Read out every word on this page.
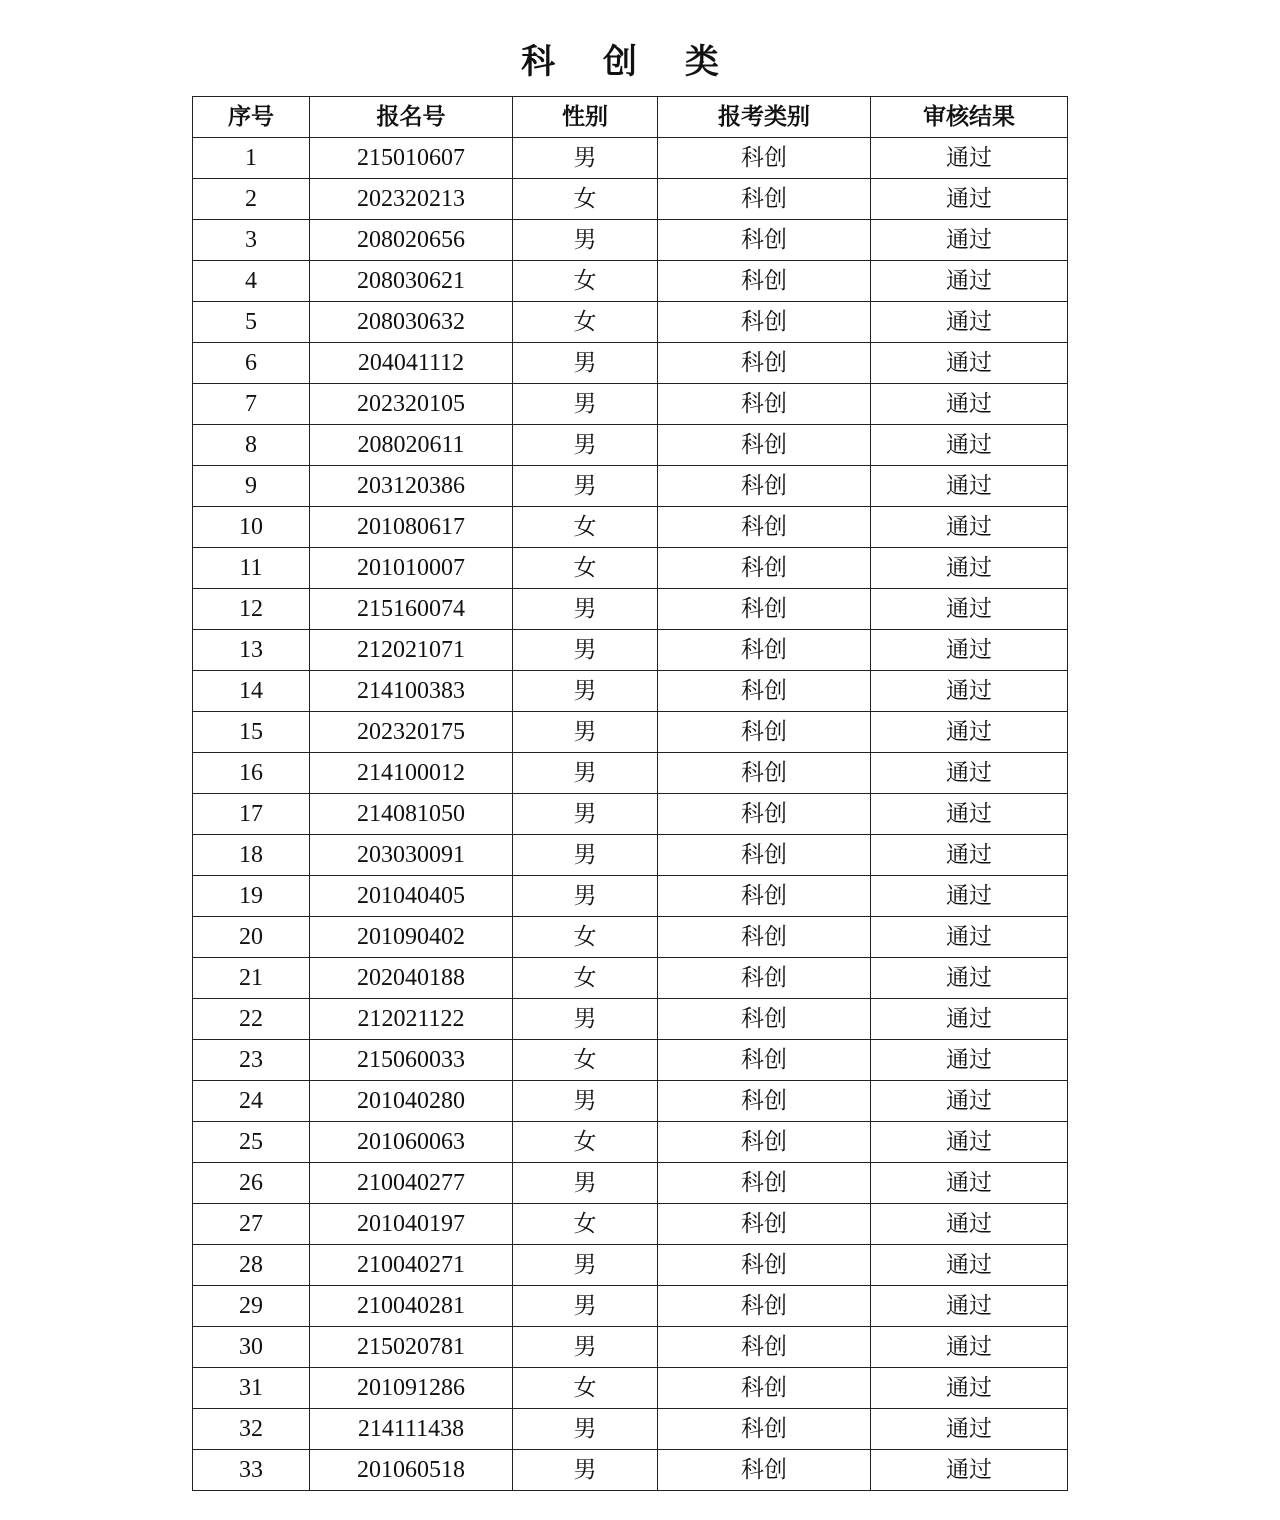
科 创 类
序号	报名号	性别	报考类别	审核结果
1	215010607	男	科创	通过
2	202320213	女	科创	通过
3	208020656	男	科创	通过
4	208030621	女	科创	通过
5	208030632	女	科创	通过
6	204041112	男	科创	通过
7	202320105	男	科创	通过
8	208020611	男	科创	通过
9	203120386	男	科创	通过
10	201080617	女	科创	通过
11	201010007	女	科创	通过
12	215160074	男	科创	通过
13	212021071	男	科创	通过
14	214100383	男	科创	通过
15	202320175	男	科创	通过
16	214100012	男	科创	通过
17	214081050	男	科创	通过
18	203030091	男	科创	通过
19	201040405	男	科创	通过
20	201090402	女	科创	通过
21	202040188	女	科创	通过
22	212021122	男	科创	通过
23	215060033	女	科创	通过
24	201040280	男	科创	通过
25	201060063	女	科创	通过
26	210040277	男	科创	通过
27	201040197	女	科创	通过
28	210040271	男	科创	通过
29	210040281	男	科创	通过
30	215020781	男	科创	通过
31	201091286	女	科创	通过
32	214111438	男	科创	通过
33	201060518	男	科创	通过
